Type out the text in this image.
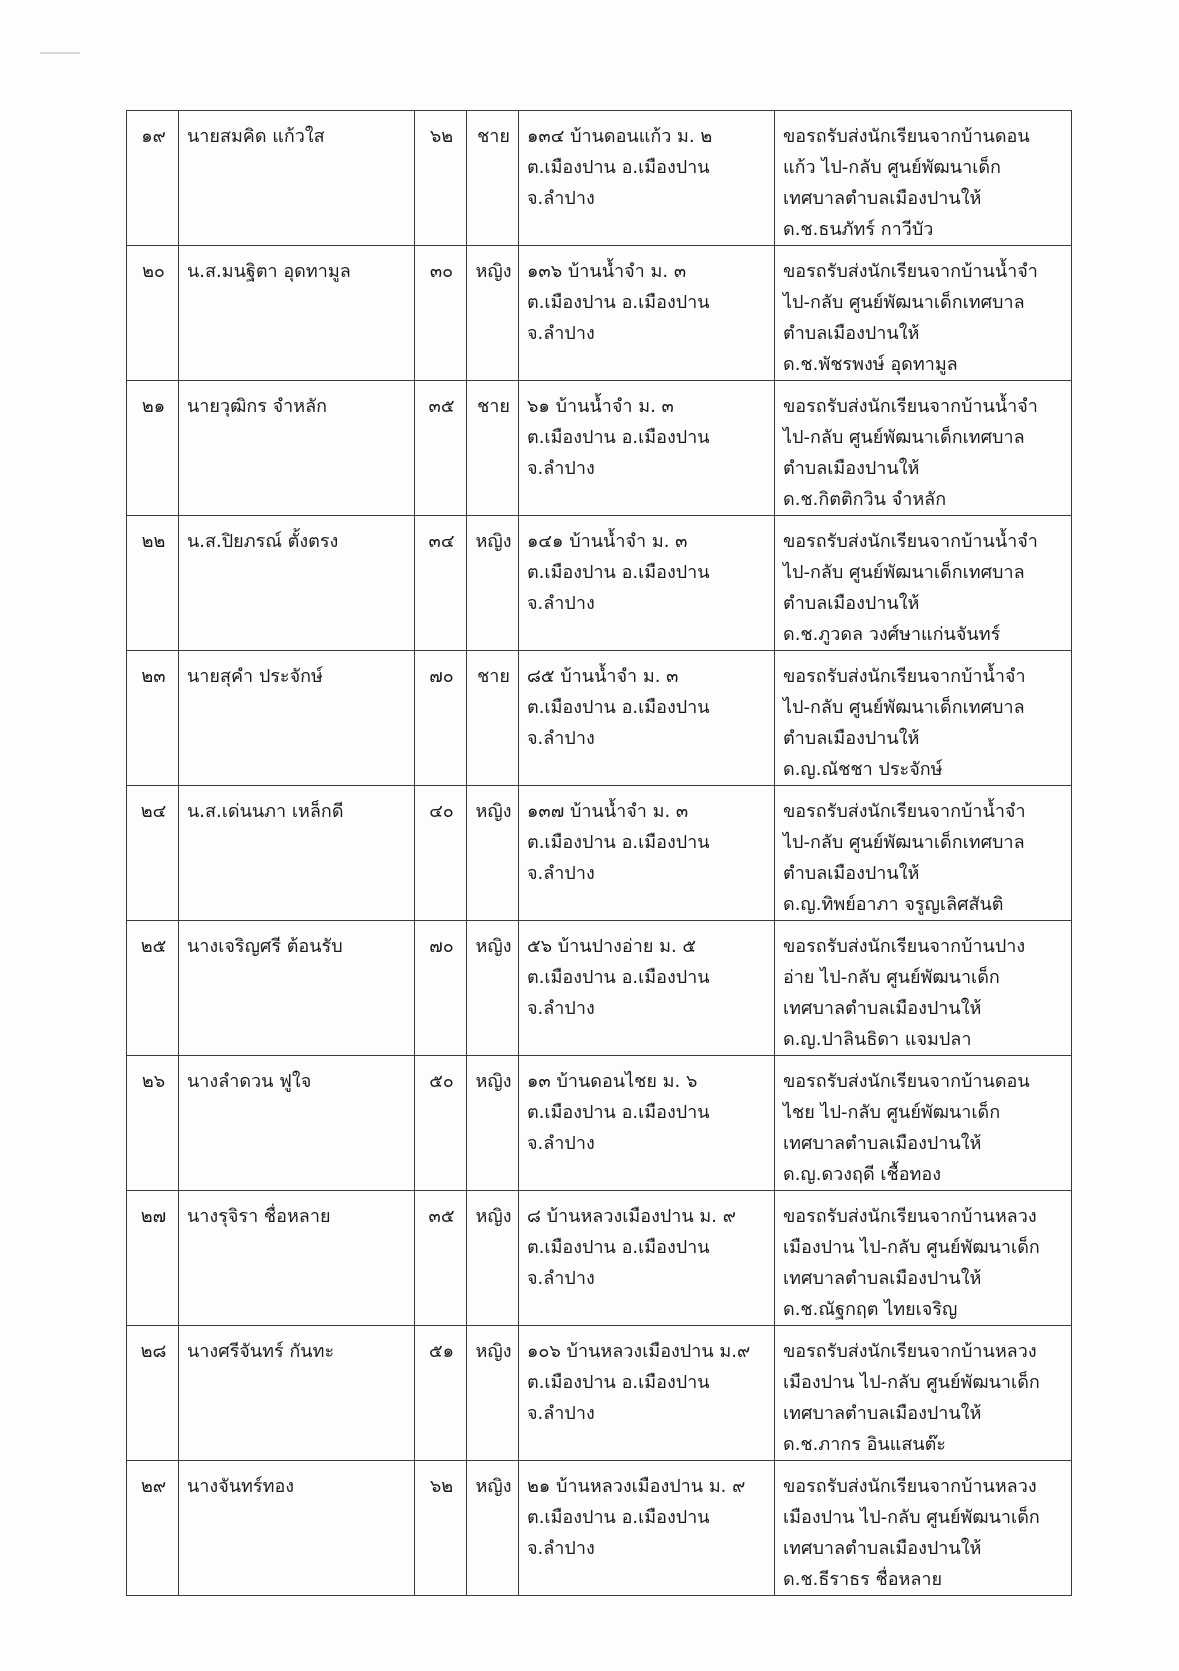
๑๙	นายสมคิด แก้วใส	๖๒	ชาย	๑๓๔ บ้านดอนแก้ว ม. ๒
ต.เมืองปาน อ.เมืองปาน
จ.ลำปาง	ขอรถรับส่งนักเรียนจากบ้านดอน
แก้ว ไป-กลับ ศูนย์พัฒนาเด็ก
เทศบาลตำบลเมืองปานให้
ด.ช.ธนภัทร์ กาวีบัว

๒๐	น.ส.มนฐิตา อุดทามูล	๓๐	หญิง	๑๓๖ บ้านน้ำจำ ม. ๓
ต.เมืองปาน อ.เมืองปาน
จ.ลำปาง	ขอรถรับส่งนักเรียนจากบ้านน้ำจำ
ไป-กลับ ศูนย์พัฒนาเด็กเทศบาล
ตำบลเมืองปานให้
ด.ช.พัชรพงษ์ อุดทามูล

๒๑	นายวุฒิกร จำหลัก	๓๕	ชาย	๖๑ บ้านน้ำจำ ม. ๓
ต.เมืองปาน อ.เมืองปาน
จ.ลำปาง	ขอรถรับส่งนักเรียนจากบ้านน้ำจำ
ไป-กลับ ศูนย์พัฒนาเด็กเทศบาล
ตำบลเมืองปานให้
ด.ช.กิตติกวิน จำหลัก

๒๒	น.ส.ปิยภรณ์ ตั้งตรง	๓๔	หญิง	๑๔๑ บ้านน้ำจำ ม. ๓
ต.เมืองปาน อ.เมืองปาน
จ.ลำปาง	ขอรถรับส่งนักเรียนจากบ้านน้ำจำ
ไป-กลับ ศูนย์พัฒนาเด็กเทศบาล
ตำบลเมืองปานให้
ด.ช.ภูวดล วงศ์ษาแก่นจันทร์

๒๓	นายสุคำ ประจักษ์	๗๐	ชาย	๘๕ บ้านน้ำจำ ม. ๓
ต.เมืองปาน อ.เมืองปาน
จ.ลำปาง	ขอรถรับส่งนักเรียนจากบ้าน้ำจำ
ไป-กลับ ศูนย์พัฒนาเด็กเทศบาล
ตำบลเมืองปานให้
ด.ญ.ณัชชา ประจักษ์

๒๔	น.ส.เด่นนภา เหล็กดี	๔๐	หญิง	๑๓๗ บ้านน้ำจำ ม. ๓
ต.เมืองปาน อ.เมืองปาน
จ.ลำปาง	ขอรถรับส่งนักเรียนจากบ้าน้ำจำ
ไป-กลับ ศูนย์พัฒนาเด็กเทศบาล
ตำบลเมืองปานให้
ด.ญ.ทิพย์อาภา จรูญเลิศสันติ

๒๕	นางเจริญศรี ต้อนรับ	๗๐	หญิง	๕๖ บ้านปางอ่าย ม. ๕
ต.เมืองปาน อ.เมืองปาน
จ.ลำปาง	ขอรถรับส่งนักเรียนจากบ้านปาง
อ่าย ไป-กลับ ศูนย์พัฒนาเด็ก
เทศบาลตำบลเมืองปานให้
ด.ญ.ปาลินธิดา แจมปลา

๒๖	นางลำดวน ฟูใจ	๕๐	หญิง	๑๓ บ้านดอนไชย ม. ๖
ต.เมืองปาน อ.เมืองปาน
จ.ลำปาง	ขอรถรับส่งนักเรียนจากบ้านดอน
ไชย ไป-กลับ ศูนย์พัฒนาเด็ก
เทศบาลตำบลเมืองปานให้
ด.ญ.ดวงฤดี เชื้อทอง

๒๗	นางรุจิรา ชื่อหลาย	๓๕	หญิง	๘ บ้านหลวงเมืองปาน ม. ๙
ต.เมืองปาน อ.เมืองปาน
จ.ลำปาง	ขอรถรับส่งนักเรียนจากบ้านหลวง
เมืองปาน ไป-กลับ ศูนย์พัฒนาเด็ก
เทศบาลตำบลเมืองปานให้
ด.ช.ณัฐกฤต ไทยเจริญ

๒๘	นางศรีจันทร์ กันทะ	๕๑	หญิง	๑๐๖ บ้านหลวงเมืองปาน ม.๙
ต.เมืองปาน อ.เมืองปาน
จ.ลำปาง	ขอรถรับส่งนักเรียนจากบ้านหลวง
เมืองปาน ไป-กลับ ศูนย์พัฒนาเด็ก
เทศบาลตำบลเมืองปานให้
ด.ช.ภากร อินแสนต๊ะ

๒๙	นางจันทร์ทอง	๖๒	หญิง	๒๑ บ้านหลวงเมืองปาน ม. ๙
ต.เมืองปาน อ.เมืองปาน
จ.ลำปาง	ขอรถรับส่งนักเรียนจากบ้านหลวง
เมืองปาน ไป-กลับ ศูนย์พัฒนาเด็ก
เทศบาลตำบลเมืองปานให้
ด.ช.ธีราธร ชื่อหลาย
